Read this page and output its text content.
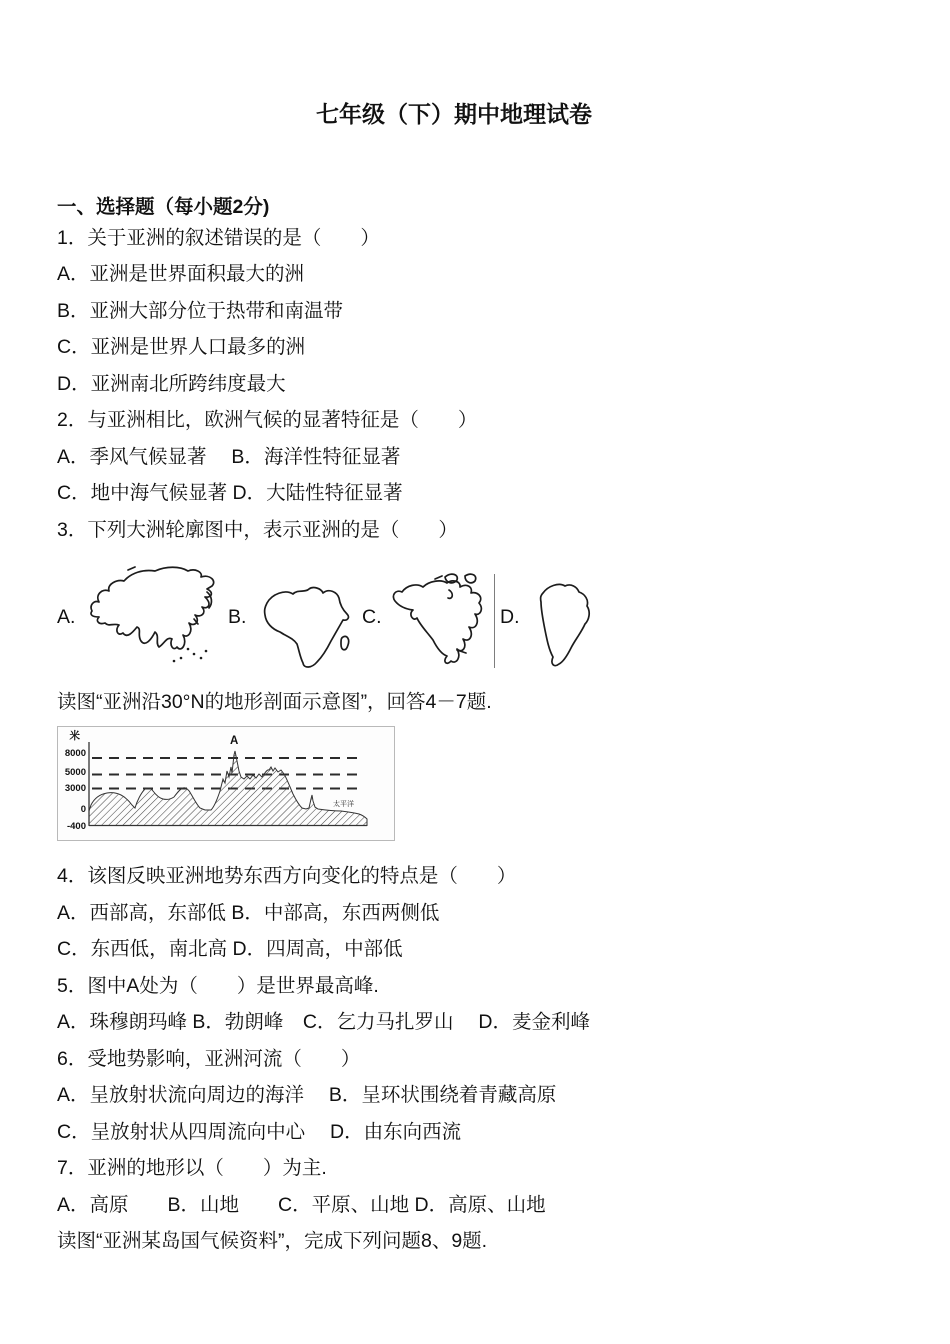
七年级（下）期中地理试卷
一、选择题（每小题2分)
1．关于亚洲的叙述错误的是（　　）
A．亚洲是世界面积最大的洲
B．亚洲大部分位于热带和南温带
C．亚洲是世界人口最多的洲
D．亚洲南北所跨纬度最大
2．与亚洲相比，欧洲气候的显著特征是（　　）
A．季风气候显著　 B．海洋性特征显著
C．地中海气候显著 D．大陆性特征显著
3．下列大洲轮廓图中，表示亚洲的是（　　）
A.	B.	C.	D.
读图“亚洲沿30°N的地形剖面示意图”，回答4－7题.
米
8000
5000
3000
0
-400
A
太平洋
4．该图反映亚洲地势东西方向变化的特点是（　　）
A．西部高，东部低 B．中部高，东西两侧低
C．东西低，南北高 D．四周高，中部低
5．图中A处为（　　）是世界最高峰.
A．珠穆朗玛峰 B．勃朗峰　C．乞力马扎罗山　 D．麦金利峰
6．受地势影响，亚洲河流（　　）
A．呈放射状流向周边的海洋　 B．呈环状围绕着青藏高原
C．呈放射状从四周流向中心　 D．由东向西流
7．亚洲的地形以（　　）为主.
A．高原　　B．山地　　C．平原、山地 D．高原、山地
读图“亚洲某岛国气候资料”，完成下列问题8、9题.
